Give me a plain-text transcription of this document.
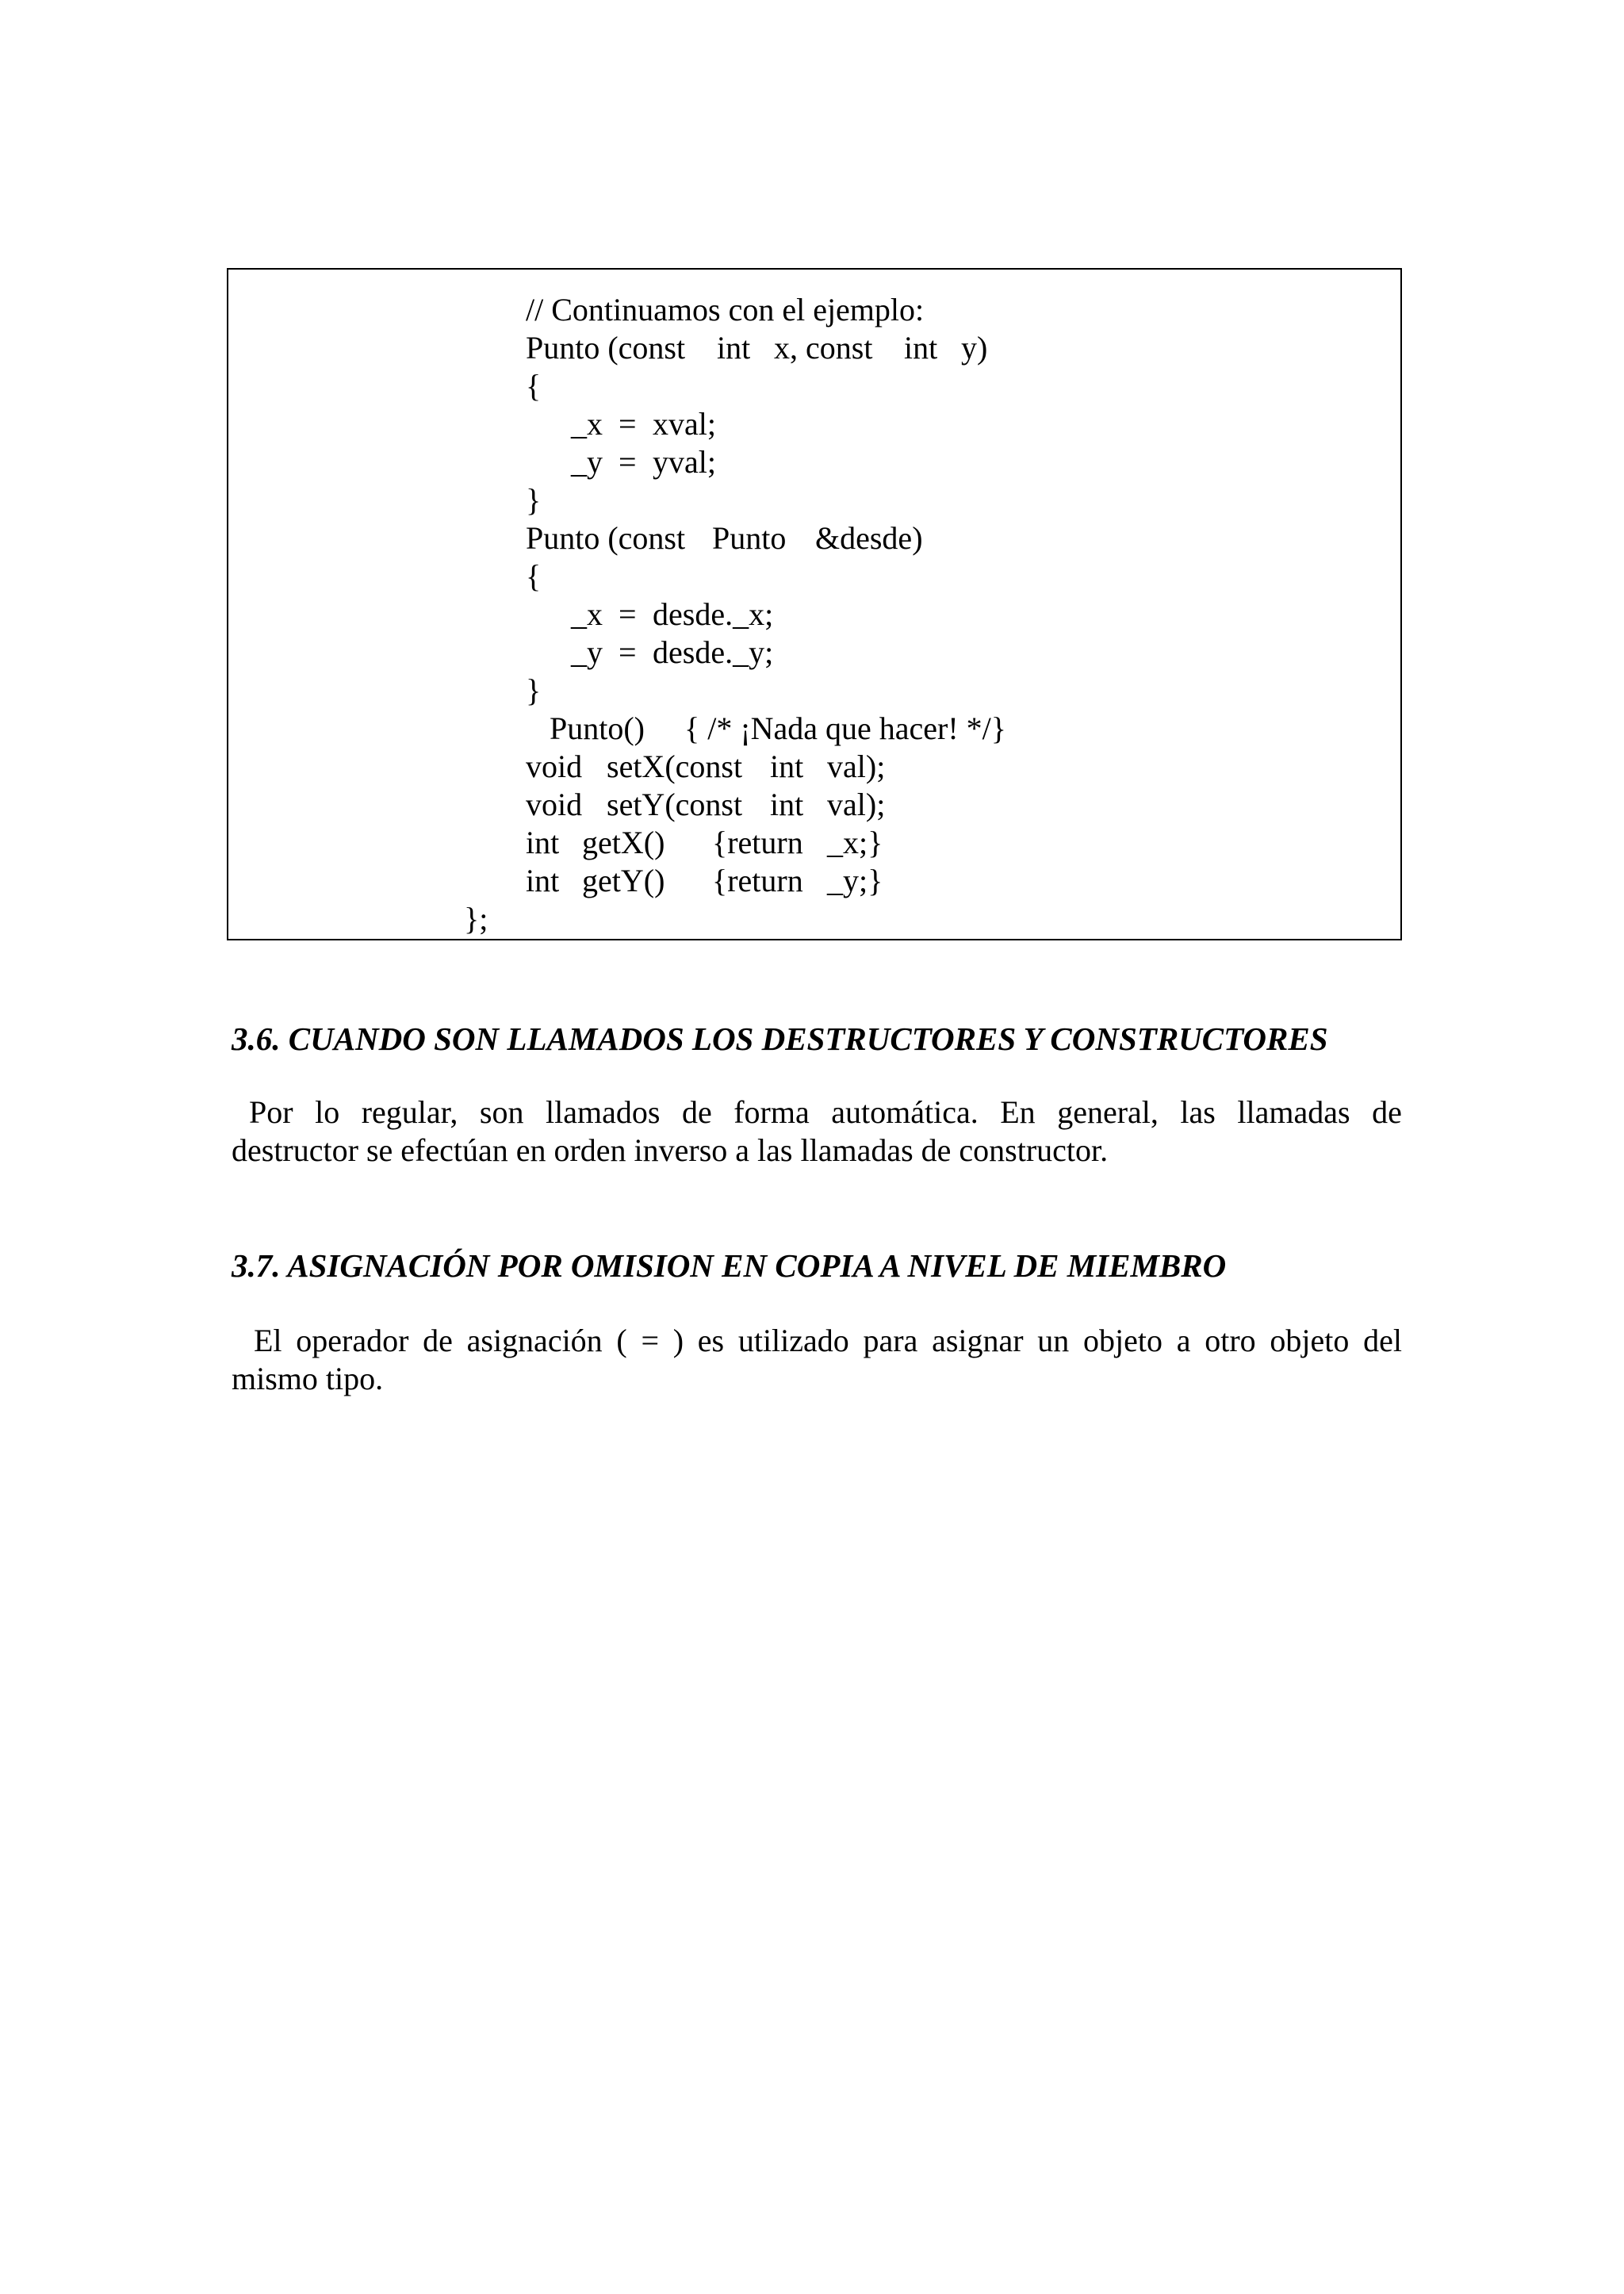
// Continuamos con el ejemplo:

Punto (const

int

x, const

int

y)

{

_x

=

xval;

_y

=

yval;

}

Punto (const

Punto

&desde)

{

_x

=

desde._x;

_y

=

desde._y;

}

Punto()

{ /* ¡Nada que hacer! */}

void

setX(const

int

val);

void

setY(const

int

val);

int

getX()

{return

_x;}

int

getY()

{return

_y;}

};

3.6. CUANDO SON LLAMADOS LOS DESTRUCTORES Y CONSTRUCTORES
Por lo regular, son llamados de forma automática. En general, las llamadas de
destructor se efectúan en orden inverso a las llamadas de constructor.
3.7. ASIGNACIÓN POR OMISION EN COPIA A NIVEL DE MIEMBRO
El operador de asignación ( = ) es utilizado para asignar un objeto a otro objeto del
mismo tipo.
